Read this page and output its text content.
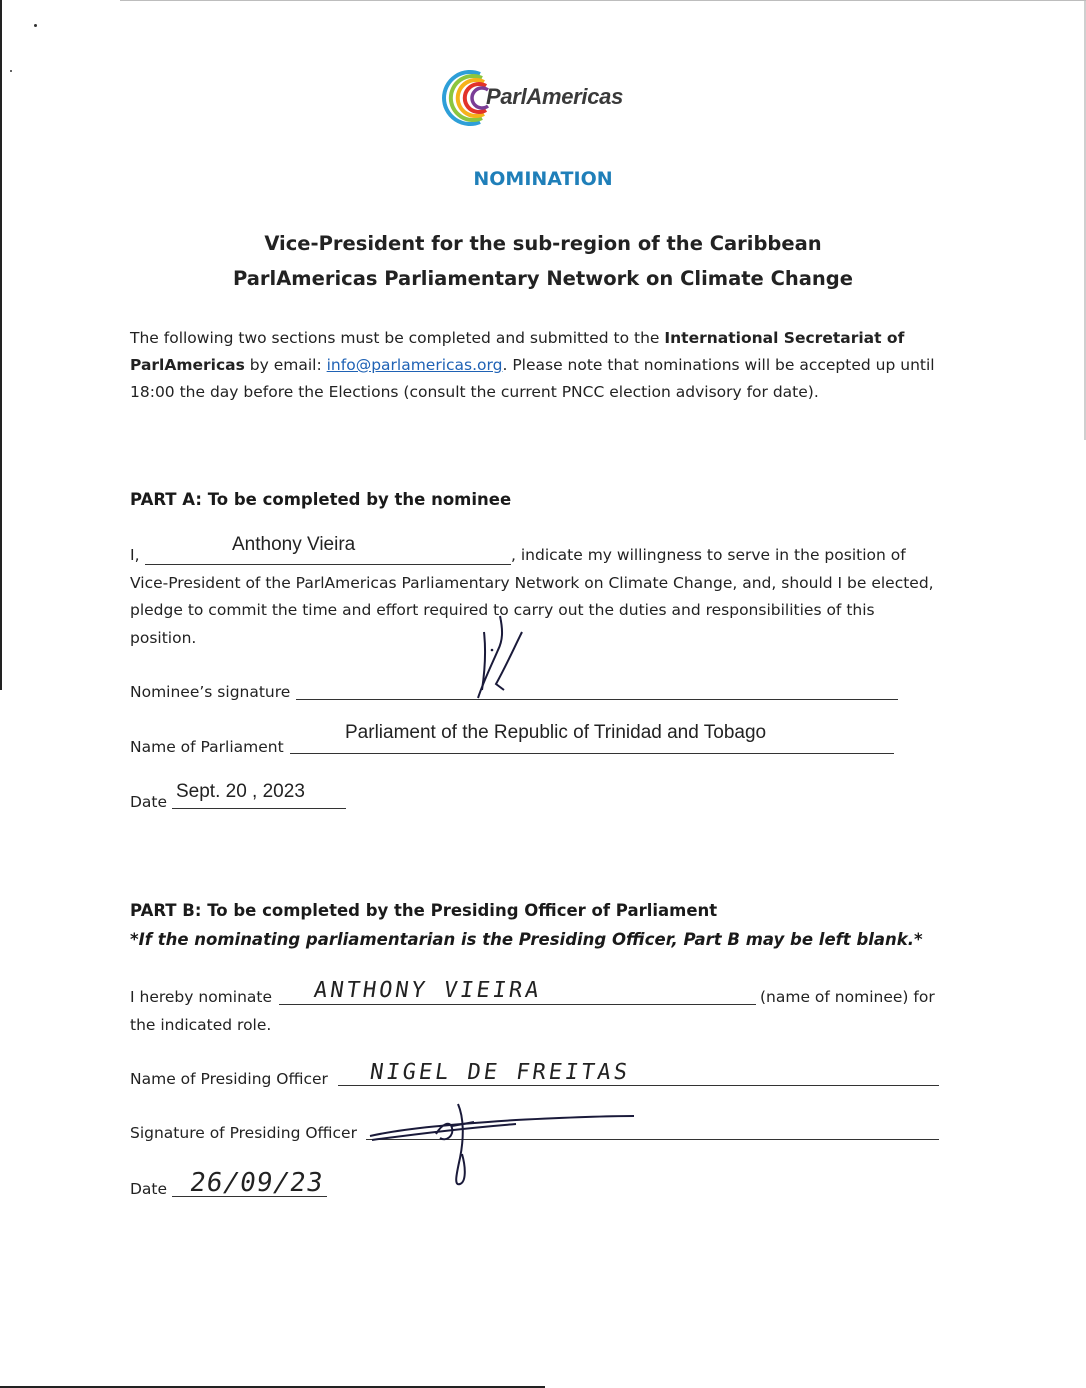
ParlAmericas
NOMINATION
Vice-President for the sub-region of the Caribbean
ParlAmericas Parliamentary Network on Climate Change
The following two sections must be completed and submitted to the International Secretariat of ParlAmericas by email: info@parlamericas.org. Please note that nominations will be accepted up until 18:00 the day before the Elections (consult the current PNCC election advisory for date).
PART A: To be completed by the nominee
I,	Anthony Vieira	, indicate my willingness to serve in the position of
Vice-President of the ParlAmericas Parliamentary Network on Climate Change, and, should I be elected,
pledge to commit the time and effort required to carry out the duties and responsibilities of this
position.
Nominee’s signature
Name of Parliament
Parliament of the Republic of Trinidad and Tobago
Date Sept. 20 , 2023
PART B: To be completed by the Presiding Officer of Parliament
*If the nominating parliamentarian is the Presiding Officer, Part B may be left blank.*
I hereby nominate ANTHONY VIEIRA	(name of nominee) for
the indicated role.
Name of Presiding Officer NIGEL DE FREITAS
Signature of Presiding Officer
Date 26/09/23
